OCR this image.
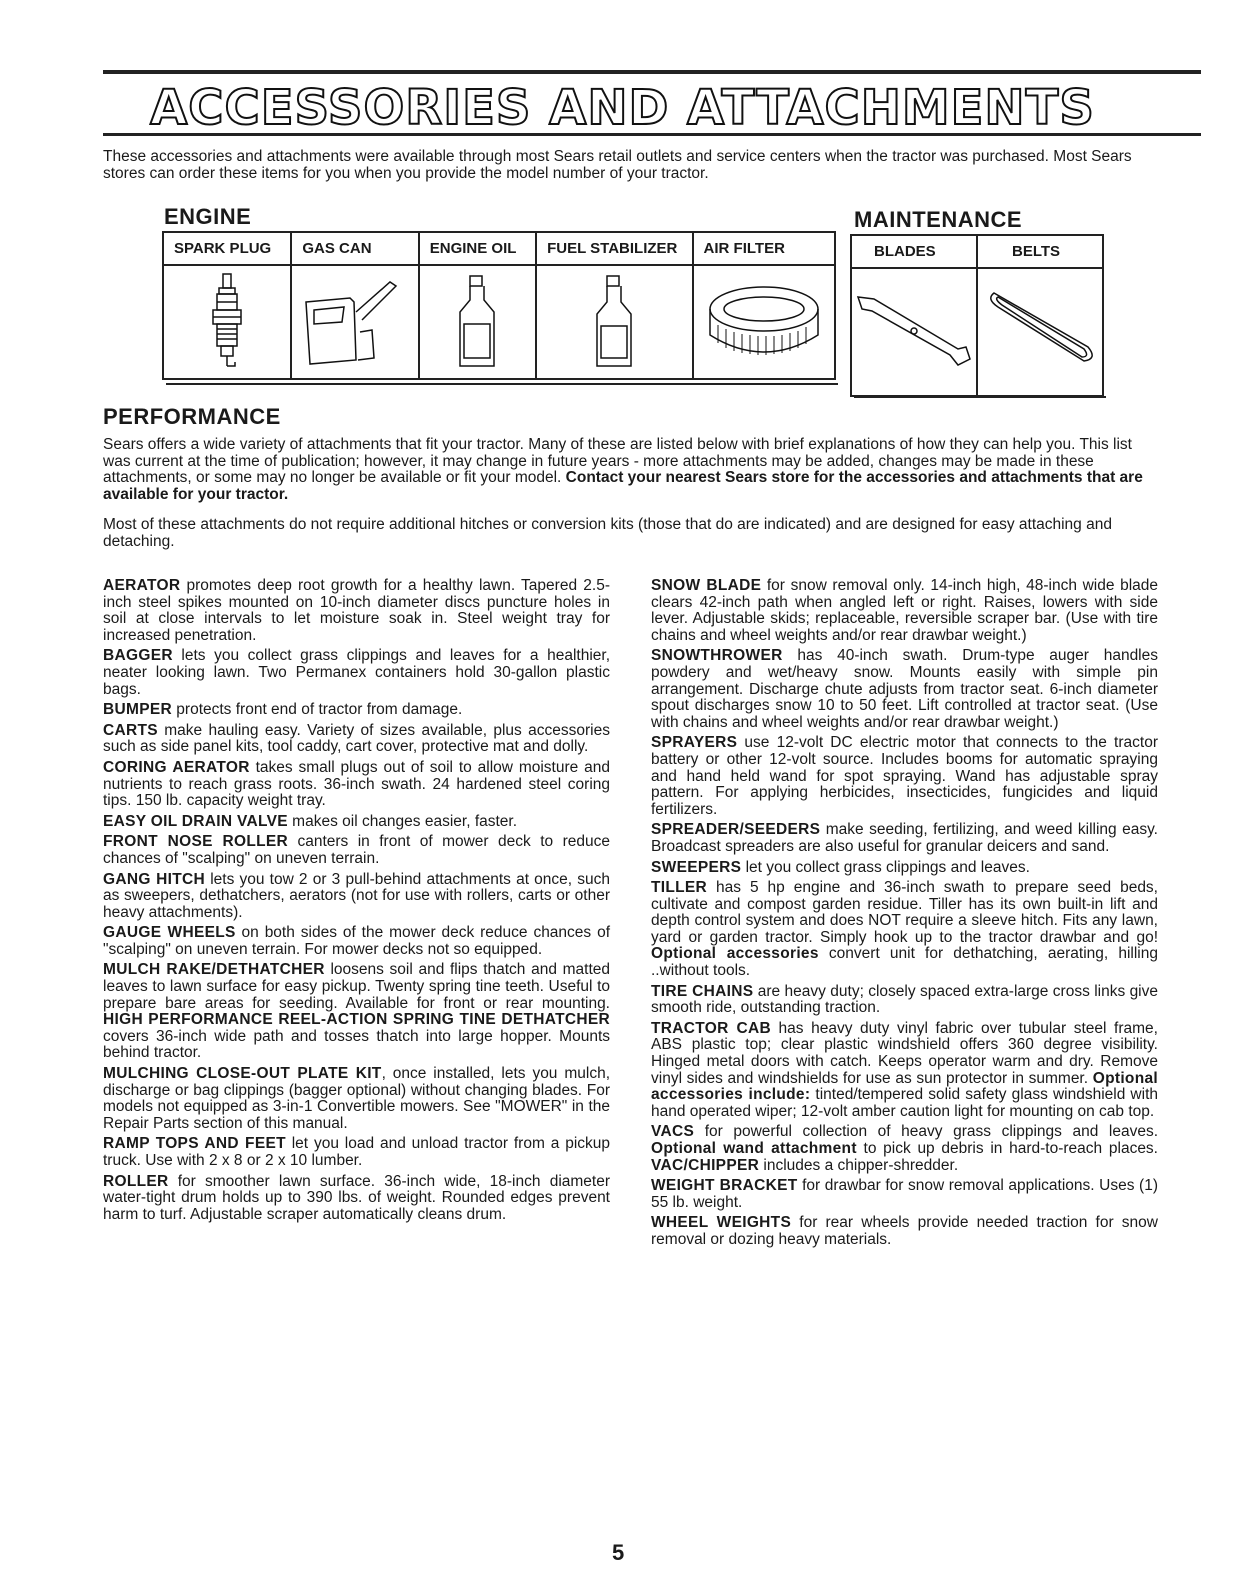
ACCESSORIES AND ATTACHMENTS
These accessories and attachments were available through most Sears retail outlets and service centers when the tractor was purchased. Most Sears stores can order these items for you when you provide the model number of your tractor.
ENGINE
SPARK PLUG	GAS CAN	ENGINE OIL	FUEL STABILIZER	AIR FILTER

MAINTENANCE
BLADES	BELTS

PERFORMANCE
Sears offers a wide variety of attachments that fit your tractor. Many of these are listed below with brief explanations of how they can help you. This list was current at the time of publication; however, it may change in future years - more attachments may be added, changes may be made in these attachments, or some may no longer be available or fit your model. Contact your nearest Sears store for the accessories and attachments that are available for your tractor.
Most of these attachments do not require additional hitches or conversion kits (those that do are indicated) and are designed for easy attaching and detaching.

AERATOR promotes deep root growth for a healthy lawn. Tapered 2.5-inch steel spikes mounted on 10-inch diameter discs puncture holes in soil at close intervals to let moisture soak in. Steel weight tray for increased penetration.

BAGGER lets you collect grass clippings and leaves for a healthier, neater looking lawn. Two Permanex containers hold 30-gallon plastic bags.

BUMPER protects front end of tractor from damage.

CARTS make hauling easy. Variety of sizes available, plus accessories such as side panel kits, tool caddy, cart cover, protective mat and dolly.

CORING AERATOR takes small plugs out of soil to allow moisture and nutrients to reach grass roots. 36-inch swath. 24 hardened steel coring tips. 150 lb. capacity weight tray.

EASY OIL DRAIN VALVE makes oil changes easier, faster.

FRONT NOSE ROLLER canters in front of mower deck to reduce chances of "scalping" on uneven terrain.

GANG HITCH lets you tow 2 or 3 pull-behind attachments at once, such as sweepers, dethatchers, aerators (not for use with rollers, carts or other heavy attachments).

GAUGE WHEELS on both sides of the mower deck reduce chances of "scalping" on uneven terrain. For mower decks not so equipped.

MULCH RAKE/DETHATCHER loosens soil and flips thatch and matted leaves to lawn surface for easy pickup. Twenty spring tine teeth. Useful to prepare bare areas for seeding. Available for front or rear mounting. HIGH PERFORMANCE REEL-ACTION SPRING TINE DETHATCHER covers 36-inch wide path and tosses thatch into large hopper. Mounts behind tractor.

MULCHING CLOSE-OUT PLATE KIT, once installed, lets you mulch, discharge or bag clippings (bagger optional) without changing blades. For models not equipped as 3-in-1 Convertible mowers. See "MOWER" in the Repair Parts section of this manual.

RAMP TOPS AND FEET let you load and unload tractor from a pickup truck. Use with 2 x 8 or 2 x 10 lumber.

ROLLER for smoother lawn surface. 36-inch wide, 18-inch diameter water-tight drum holds up to 390 lbs. of weight. Rounded edges prevent harm to turf. Adjustable scraper automatically cleans drum.

SNOW BLADE for snow removal only. 14-inch high, 48-inch wide blade clears 42-inch path when angled left or right. Raises, lowers with side lever. Adjustable skids; replaceable, reversible scraper bar. (Use with tire chains and wheel weights and/or rear drawbar weight.)

SNOWTHROWER has 40-inch swath. Drum-type auger handles powdery and wet/heavy snow. Mounts easily with simple pin arrangement. Discharge chute adjusts from tractor seat. 6-inch diameter spout discharges snow 10 to 50 feet. Lift controlled at tractor seat. (Use with chains and wheel weights and/or rear drawbar weight.)

SPRAYERS use 12-volt DC electric motor that connects to the tractor battery or other 12-volt source. Includes booms for automatic spraying and hand held wand for spot spraying. Wand has adjustable spray pattern. For applying herbicides, insecticides, fungicides and liquid fertilizers.

SPREADER/SEEDERS make seeding, fertilizing, and weed killing easy. Broadcast spreaders are also useful for granular deicers and sand.

SWEEPERS let you collect grass clippings and leaves.

TILLER has 5 hp engine and 36-inch swath to prepare seed beds, cultivate and compost garden residue. Tiller has its own built-in lift and depth control system and does NOT require a sleeve hitch. Fits any lawn, yard or garden tractor. Simply hook up to the tractor drawbar and go! Optional accessories convert unit for dethatching, aerating, hilling ..without tools.

TIRE CHAINS are heavy duty; closely spaced extra-large cross links give smooth ride, outstanding traction.

TRACTOR CAB has heavy duty vinyl fabric over tubular steel frame, ABS plastic top; clear plastic windshield offers 360 degree visibility. Hinged metal doors with catch. Keeps operator warm and dry. Remove vinyl sides and windshields for use as sun protector in summer. Optional accessories include: tinted/tempered solid safety glass windshield with hand operated wiper; 12-volt amber caution light for mounting on cab top.

VACS for powerful collection of heavy grass clippings and leaves. Optional wand attachment to pick up debris in hard-to-reach places. VAC/CHIPPER includes a chipper-shredder.

WEIGHT BRACKET for drawbar for snow removal applications. Uses (1) 55 lb. weight.

WHEEL WEIGHTS for rear wheels provide needed traction for snow removal or dozing heavy materials.

5
